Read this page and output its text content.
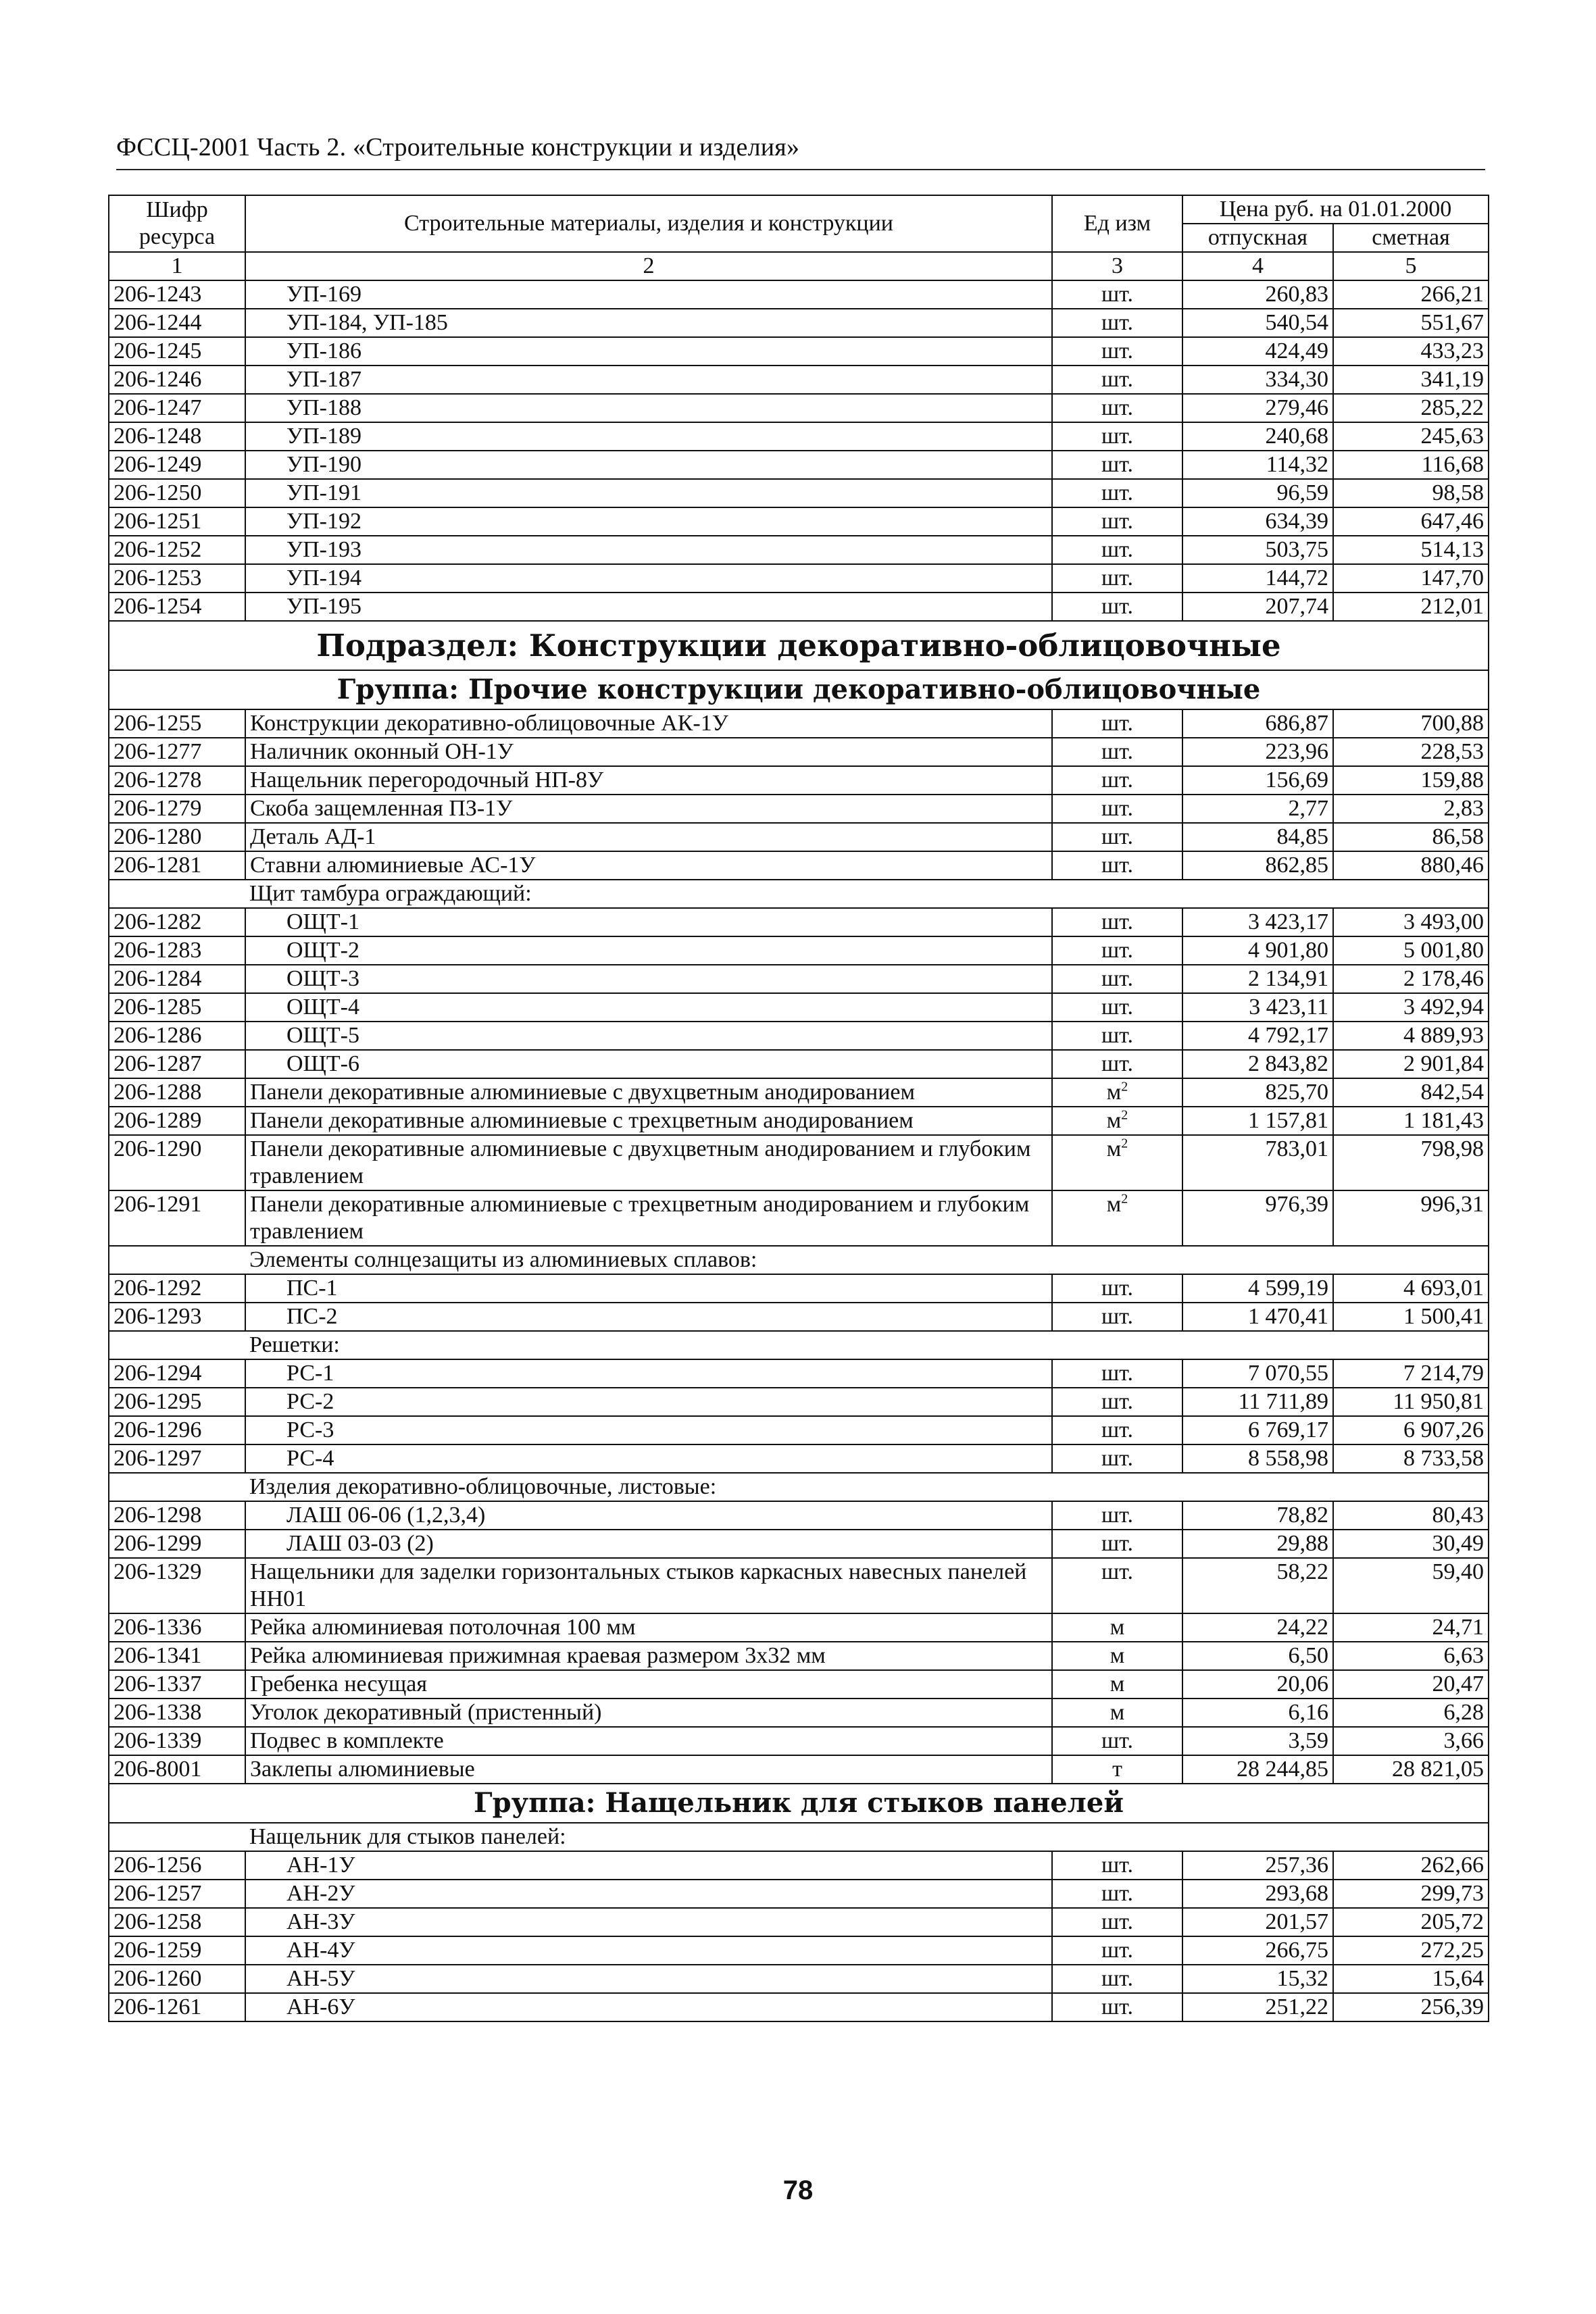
ФССЦ-2001 Часть 2. «Строительные конструкции и изделия»
Шифр ресурса	Строительные материалы, изделия и конструкции	Ед изм	Цена руб. на 01.01.2000	
			отпускная	сметная
1	2	3	4	5
206-1243	УП-169	шт.	260,83	266,21
206-1244	УП-184, УП-185	шт.	540,54	551,67
206-1245	УП-186	шт.	424,49	433,23
206-1246	УП-187	шт.	334,30	341,19
206-1247	УП-188	шт.	279,46	285,22
206-1248	УП-189	шт.	240,68	245,63
206-1249	УП-190	шт.	114,32	116,68
206-1250	УП-191	шт.	96,59	98,58
206-1251	УП-192	шт.	634,39	647,46
206-1252	УП-193	шт.	503,75	514,13
206-1253	УП-194	шт.	144,72	147,70
206-1254	УП-195	шт.	207,74	212,01
Подраздел: Конструкции декоративно-облицовочные				
Группа: Прочие конструкции декоративно-облицовочные				
206-1255	Конструкции декоративно-облицовочные АК-1У	шт.	686,87	700,88
206-1277	Наличник оконный ОН-1У	шт.	223,96	228,53
206-1278	Нащельник перегородочный НП-8У	шт.	156,69	159,88
206-1279	Скоба защемленная ПЗ-1У	шт.	2,77	2,83
206-1280	Деталь АД-1	шт.	84,85	86,58
206-1281	Ставни алюминиевые АС-1У	шт.	862,85	880,46
	Щит тамбура ограждающий:			
206-1282	ОЩТ-1	шт.	3 423,17	3 493,00
206-1283	ОЩТ-2	шт.	4 901,80	5 001,80
206-1284	ОЩТ-3	шт.	2 134,91	2 178,46
206-1285	ОЩТ-4	шт.	3 423,11	3 492,94
206-1286	ОЩТ-5	шт.	4 792,17	4 889,93
206-1287	ОЩТ-6	шт.	2 843,82	2 901,84
206-1288	Панели декоративные алюминиевые с двухцветным анодированием	$м^2$	825,70	842,54
206-1289	Панели декоративные алюминиевые с трехцветным анодированием	$м^2$	1 157,81	1 181,43
206-1290	Панели декоративные алюминиевые с двухцветным анодированием и глубоким травлением	$м^2$	783,01	798,98
206-1291	Панели декоративные алюминиевые с трехцветным анодированием и глубоким травлением	$м^2$	976,39	996,31
	Элементы солнцезащиты из алюминиевых сплавов:			
206-1292	ПС-1	шт.	4 599,19	4 693,01
206-1293	ПС-2	шт.	1 470,41	1 500,41
	Решетки:			
206-1294	РС-1	шт.	7 070,55	7 214,79
206-1295	РС-2	шт.	11 711,89	11 950,81
206-1296	РС-3	шт.	6 769,17	6 907,26
206-1297	РС-4	шт.	8 558,98	8 733,58
	Изделия декоративно-облицовочные, листовые:			
206-1298	ЛАШ 06-06 (1,2,3,4)	шт.	78,82	80,43
206-1299	ЛАШ 03-03 (2)	шт.	29,88	30,49
206-1329	Нащельники для заделки горизонтальных стыков каркасных навесных панелей НН01	шт.	58,22	59,40
206-1336	Рейка алюминиевая потолочная 100 мм	м	24,22	24,71
206-1341	Рейка алюминиевая прижимная краевая размером 3х32 мм	м	6,50	6,63
206-1337	Гребенка несущая	м	20,06	20,47
206-1338	Уголок декоративный (пристенный)	м	6,16	6,28
206-1339	Подвес в комплекте	шт.	3,59	3,66
206-8001	Заклепы алюминиевые	т	28 244,85	28 821,05
Группа: Нащельник для стыков панелей				
	Нащельник для стыков панелей:			
206-1256	АН-1У	шт.	257,36	262,66
206-1257	АН-2У	шт.	293,68	299,73
206-1258	АН-3У	шт.	201,57	205,72
206-1259	АН-4У	шт.	266,75	272,25
206-1260	АН-5У	шт.	15,32	15,64
206-1261	АН-6У	шт.	251,22	256,39
78
